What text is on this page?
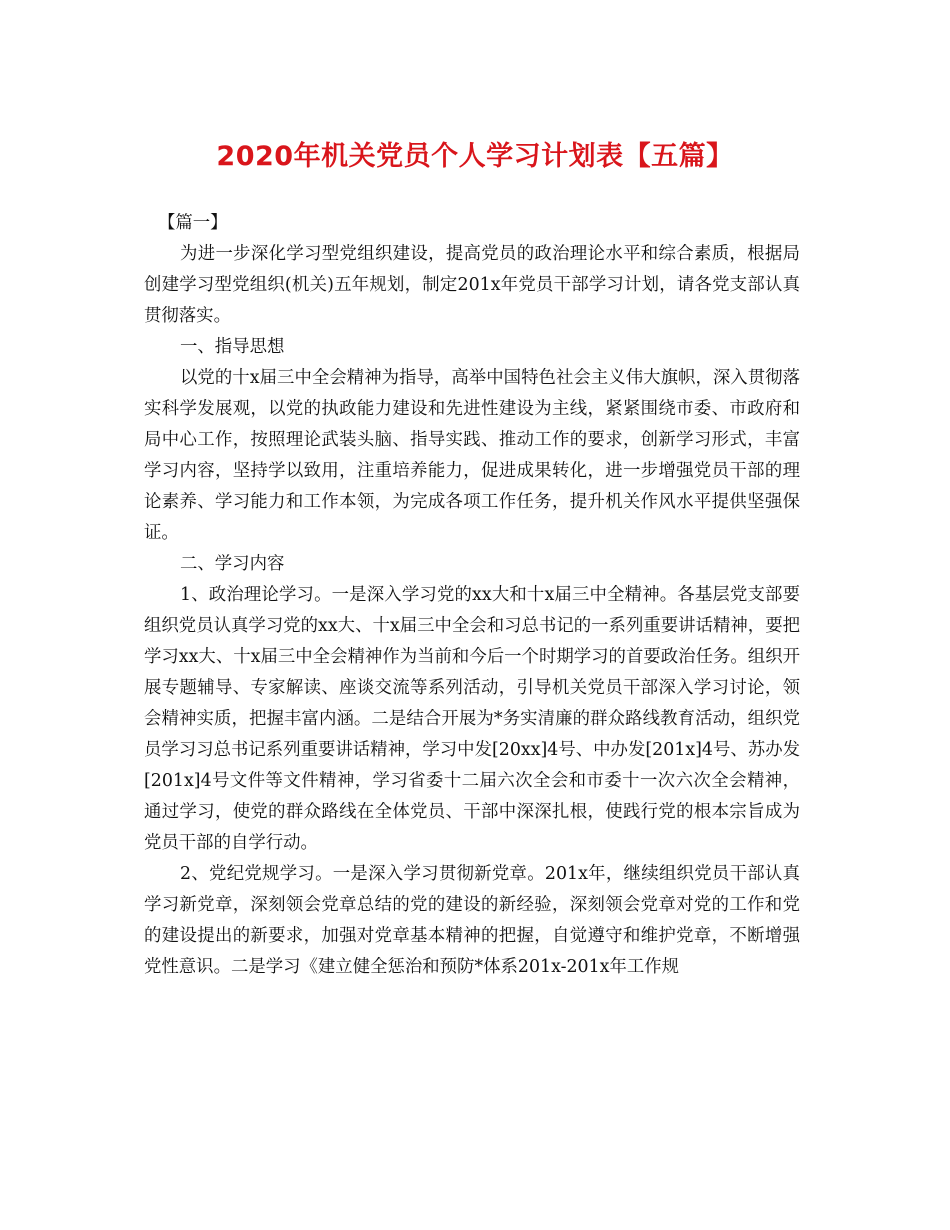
2020年机关党员个人学习计划表【五篇】

【篇一】

为进一步深化学习型党组织建设，提高党员的政治理论水平和综合素质，根据局创建学习型党组织(机关)五年规划，制定201x年党员干部学习计划，请各党支部认真贯彻落实。

一、指导思想

以党的十x届三中全会精神为指导，高举中国特色社会主义伟大旗帜，深入贯彻落实科学发展观，以党的执政能力建设和先进性建设为主线，紧紧围绕市委、市政府和局中心工作，按照理论武装头脑、指导实践、推动工作的要求，创新学习形式，丰富学习内容，坚持学以致用，注重培养能力，促进成果转化，进一步增强党员干部的理论素养、学习能力和工作本领，为完成各项工作任务，提升机关作风水平提供坚强保证。

二、学习内容

1、政治理论学习。一是深入学习党的xx大和十x届三中全精神。各基层党支部要组织党员认真学习党的xx大、十x届三中全会和习总书记的一系列重要讲话精神，要把学习xx大、十x届三中全会精神作为当前和今后一个时期学习的首要政治任务。组织开展专题辅导、专家解读、座谈交流等系列活动，引导机关党员干部深入学习讨论，领会精神实质，把握丰富内涵。二是结合开展为*务实清廉的群众路线教育活动，组织党员学习习总书记系列重要讲话精神，学习中发[20xx]4号、中办发[201x]4号、苏办发[201x]4号文件等文件精神，学习省委十二届六次全会和市委十一次六次全会精神，通过学习，使党的群众路线在全体党员、干部中深深扎根，使践行党的根本宗旨成为党员干部的自学行动。

2、党纪党规学习。一是深入学习贯彻新党章。201x年，继续组织党员干部认真学习新党章，深刻领会党章总结的党的建设的新经验，深刻领会党章对党的工作和党的建设提出的新要求，加强对党章基本精神的把握，自觉遵守和维护党章，不断增强党性意识。二是学习《建立健全惩治和预防*体系201x-201x年工作规
